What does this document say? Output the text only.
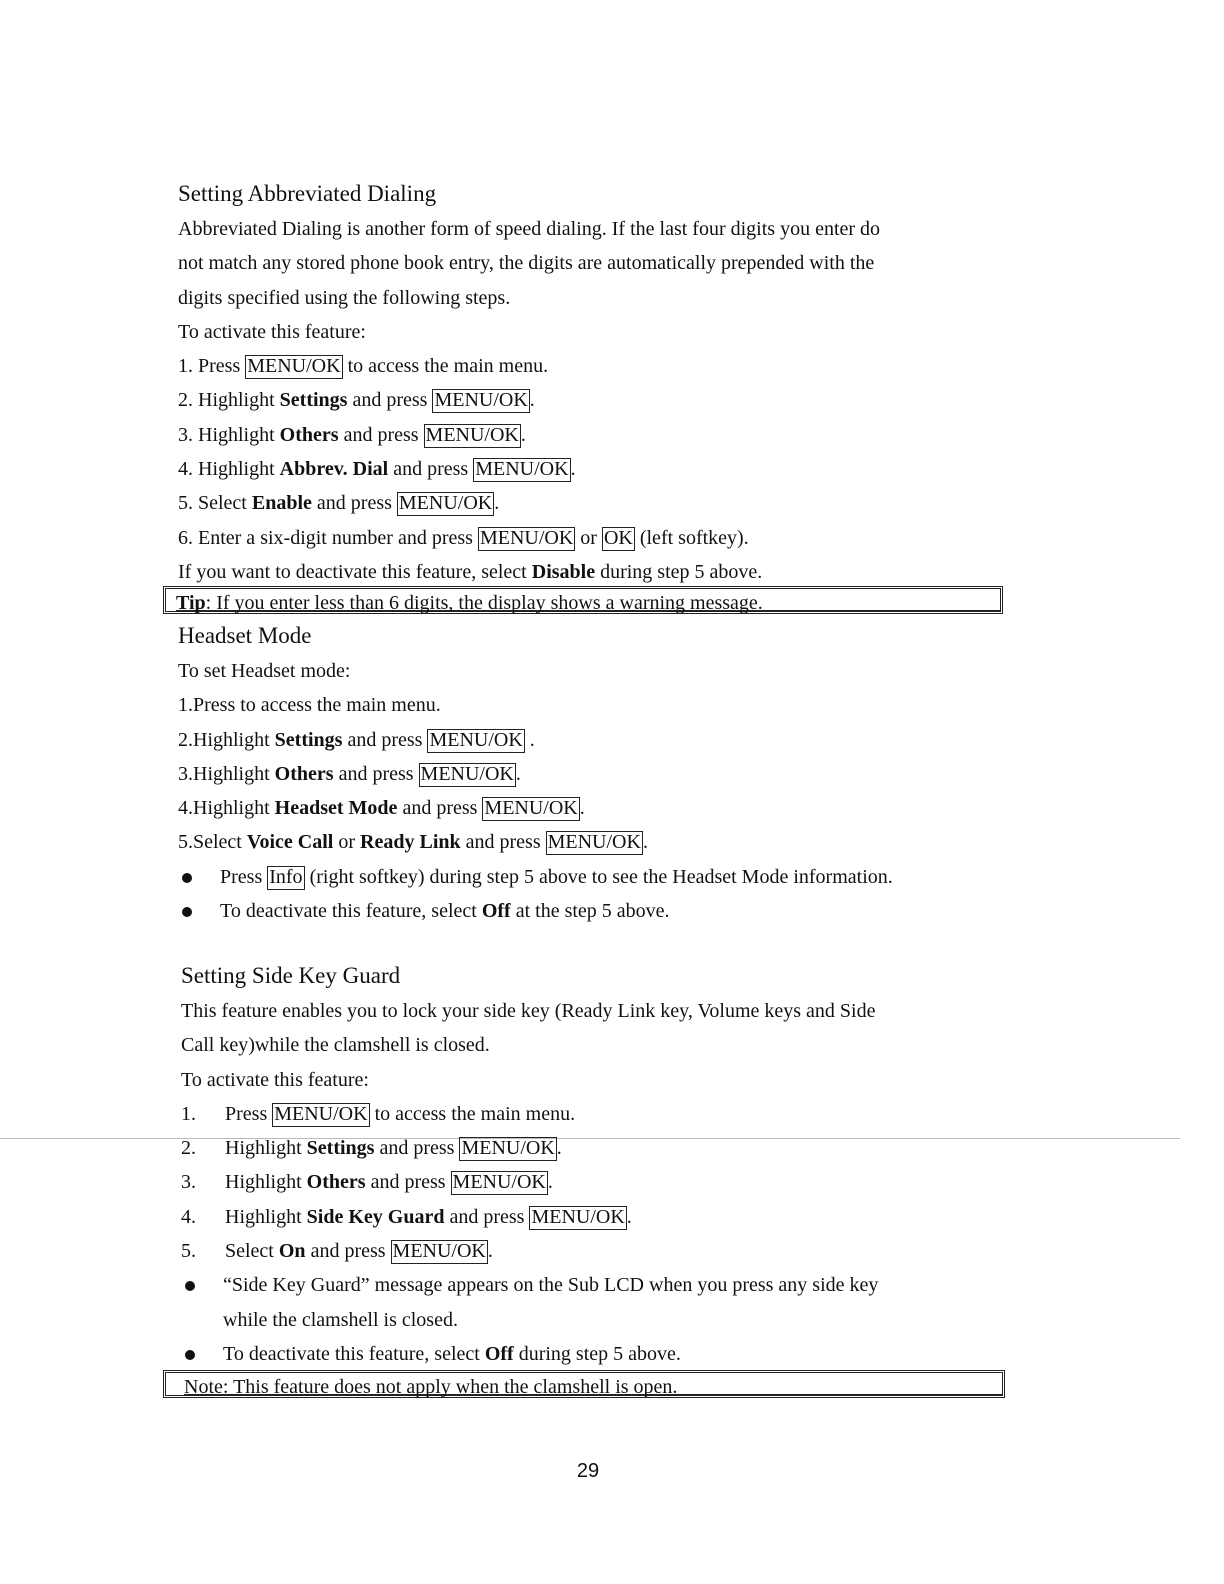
Setting Abbreviated Dialing
Abbreviated Dialing is another form of speed dialing. If the last four digits you enter do
not match any stored phone book entry, the digits are automatically prepended with the
digits specified using the following steps.
To activate this feature:
1. Press MENU/OK to access the main menu.
2. Highlight Settings and press MENU/OK .
3. Highlight Others and press MENU/OK .
4. Highlight Abbrev. Dial and press MENU/OK .
5. Select Enable and press MENU/OK .
6. Enter a six-digit number and press MENU/OK or OK (left softkey).
If you want to deactivate this feature, select Disable during step 5 above.
Tip: If you enter less than 6 digits, the display shows a warning message.
Headset Mode
To set Headset mode:
1.Press to access the main menu.
2.Highlight Settings and press MENU/OK .
3.Highlight Others and press MENU/OK .
4.Highlight Headset Mode and press MENU/OK .
5.Select Voice Call or Ready Link and press MENU/OK .
Press Info (right softkey) during step 5 above to see the Headset Mode information.
To deactivate this feature, select Off at the step 5 above.
Setting Side Key Guard
This feature enables you to lock your side key (Ready Link key, Volume keys and Side
Call key)while the clamshell is closed.
To activate this feature:
1. Press MENU/OK to access the main menu.
2. Highlight Settings and press MENU/OK .
3. Highlight Others and press MENU/OK .
4. Highlight Side Key Guard and press MENU/OK .
5. Select On and press MENU/OK .
“Side Key Guard” message appears on the Sub LCD when you press any side key
while the clamshell is closed.
To deactivate this feature, select Off during step 5 above.
Note: This feature does not apply when the clamshell is open.
29
